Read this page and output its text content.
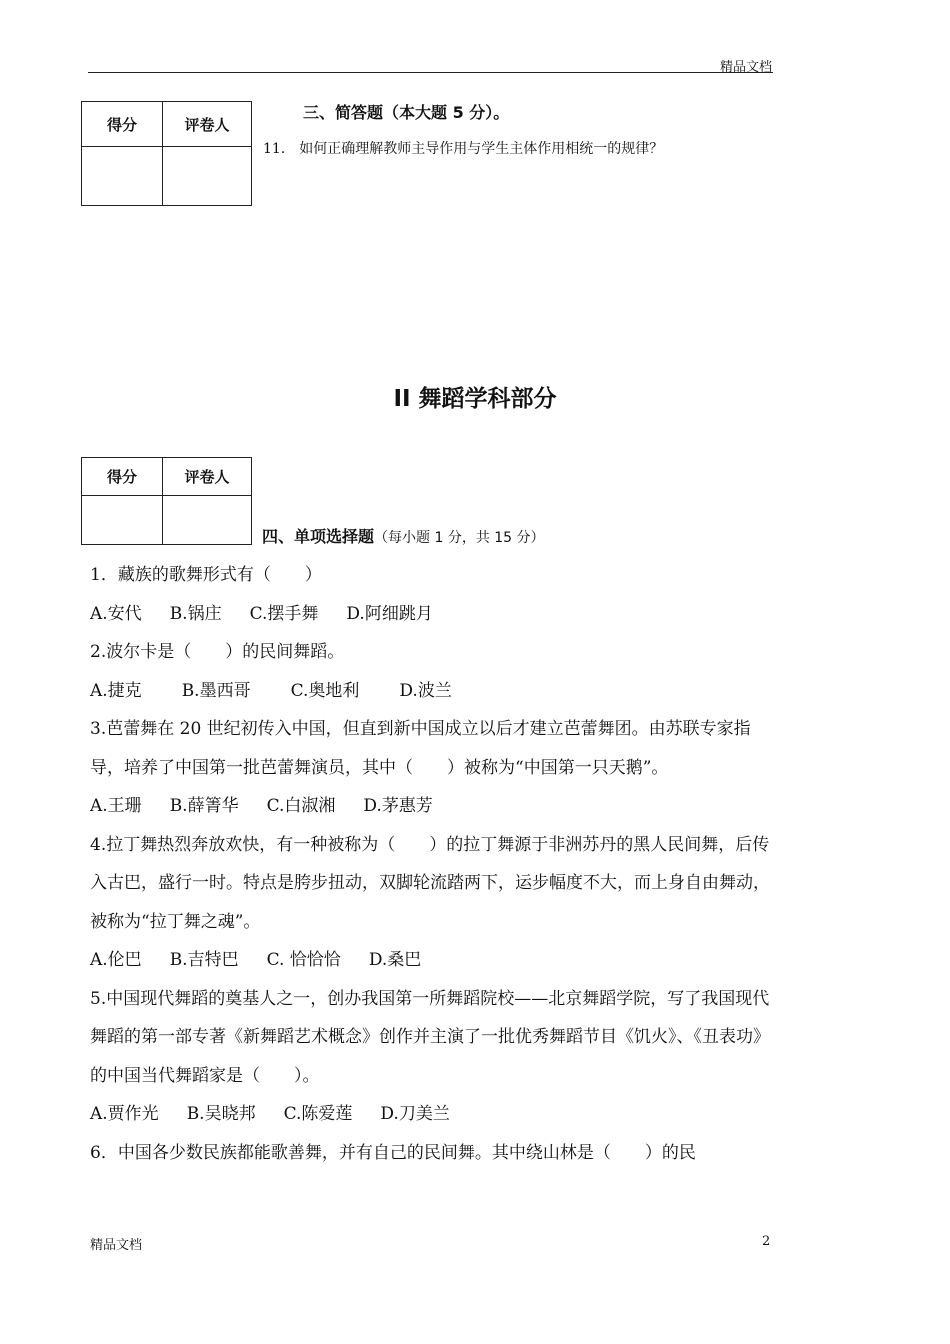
精品文档
得分	评卷人

三、简答题（本大题 5 分）。
11． 如何正确理解教师主导作用与学生主体作用相统一的规律？
II 舞蹈学科部分
得分	评卷人

四、单项选择题（每小题 1 分，共 15 分）

1．藏族的歌舞形式有（　　）

A.安代 B.锅庄 C.摆手舞 D.阿细跳月

2.波尔卡是（　　）的民间舞蹈。

A.捷克 B.墨西哥 C.奥地利 D.波兰

3.芭蕾舞在 20 世纪初传入中国，但直到新中国成立以后才建立芭蕾舞团。由苏联专家指导，培养了中国第一批芭蕾舞演员，其中（　　）被称为“中国第一只天鹅”。

A.王珊 B.薛箐华 C.白淑湘 D.茅惠芳

4.拉丁舞热烈奔放欢快，有一种被称为（　　）的拉丁舞源于非洲苏丹的黑人民间舞，后传入古巴，盛行一时。特点是胯步扭动，双脚轮流踏两下，运步幅度不大，而上身自由舞动，被称为“拉丁舞之魂”。

A.伦巴 B.吉特巴 C. 恰恰恰 D.桑巴

5.中国现代舞蹈的奠基人之一，创办我国第一所舞蹈院校——北京舞蹈学院，写了我国现代舞蹈的第一部专著《新舞蹈艺术概念》创作并主演了一批优秀舞蹈节目《饥火》、《丑表功》的中国当代舞蹈家是（　　）。

A.贾作光 B.吴晓邦 C.陈爱莲 D.刀美兰

6．中国各少数民族都能歌善舞，并有自己的民间舞。其中绕山林是（　　）的民

精品文档	2
